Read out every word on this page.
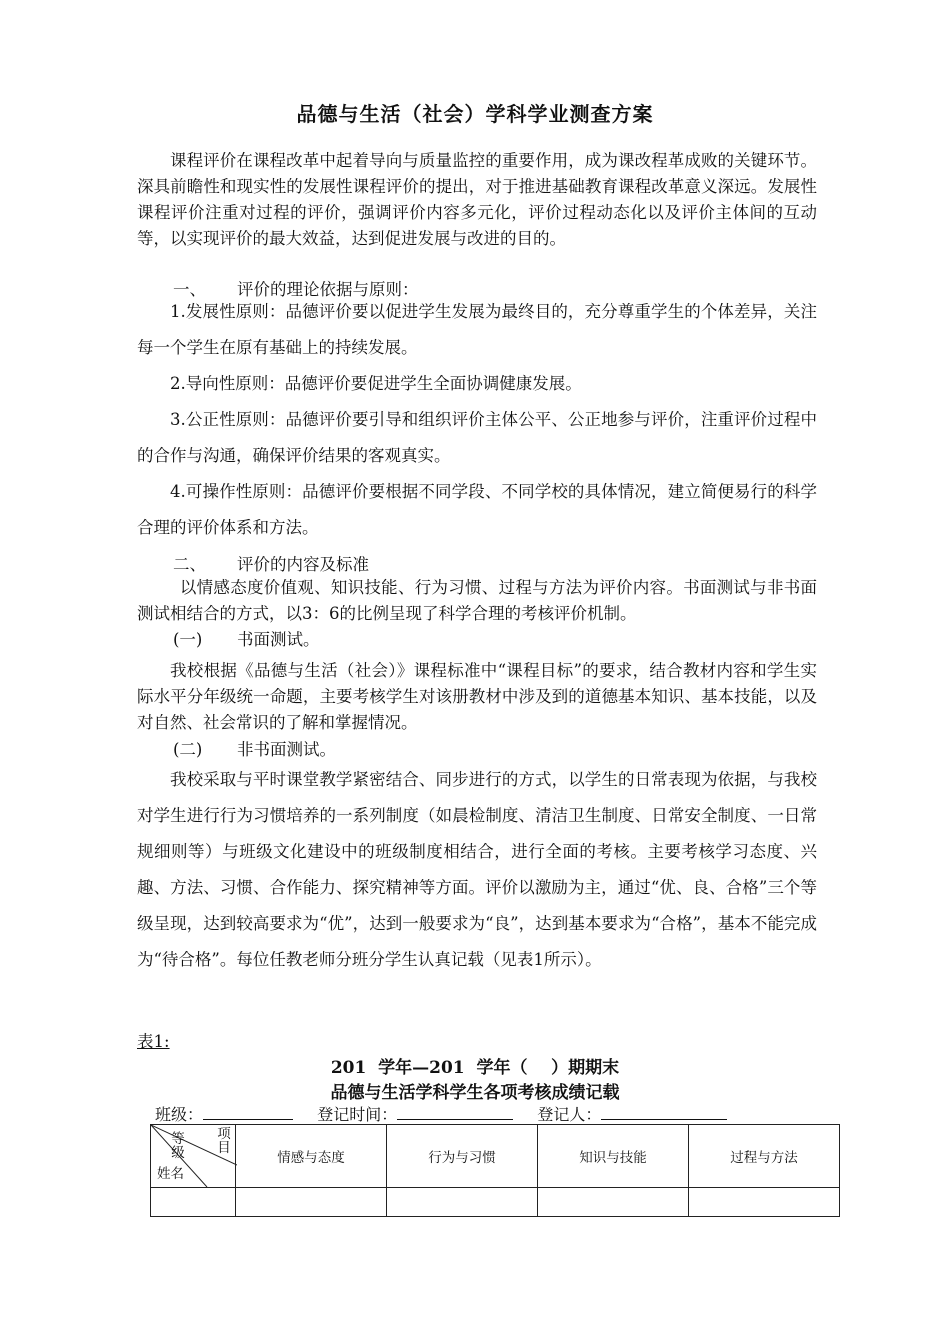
品德与生活（社会）学科学业测查方案

课程评价在课程改革中起着导向与质量监控的重要作用，成为课改程革成败的关键环节。深具前瞻性和现实性的发展性课程评价的提出，对于推进基础教育课程改革意义深远。发展性课程评价注重对过程的评价，强调评价内容多元化，评价过程动态化以及评价主体间的互动等，以实现评价的最大效益，达到促进发展与改进的目的。

一、 评价的理论依据与原则：

1.发展性原则：品德评价要以促进学生发展为最终目的，充分尊重学生的个体差异，关注每一个学生在原有基础上的持续发展。

2.导向性原则：品德评价要促进学生全面协调健康发展。

3.公正性原则：品德评价要引导和组织评价主体公平、公正地参与评价，注重评价过程中的合作与沟通，确保评价结果的客观真实。

4.可操作性原则：品德评价要根据不同学段、不同学校的具体情况，建立简便易行的科学合理的评价体系和方法。

二、 评价的内容及标准

以情感态度价值观、知识技能、行为习惯、过程与方法为评价内容。书面测试与非书面测试相结合的方式，以3：6的比例呈现了科学合理的考核评价机制。

(一) 书面测试。

我校根据《品德与生活（社会）》课程标准中“课程目标”的要求，结合教材内容和学生实际水平分年级统一命题，主要考核学生对该册教材中涉及到的道德基本知识、基本技能，以及对自然、社会常识的了解和掌握情况。

(二) 非书面测试。

我校采取与平时课堂教学紧密结合、同步进行的方式，以学生的日常表现为依据，与我校对学生进行行为习惯培养的一系列制度（如晨检制度、清洁卫生制度、日常安全制度、一日常规细则等）与班级文化建设中的班级制度相结合，进行全面的考核。主要考核学习态度、兴趣、方法、习惯、合作能力、探究精神等方面。评价以激励为主，通过“优、良、合格”三个等级呈现，达到较高要求为“优”，达到一般要求为“良”，达到基本要求为“合格”，基本不能完成为“待合格”。每位任教老师分班分学生认真记载（见表1所示）。

表1:
201  学年—201  学年（    ）期期末
品德与生活学科学生各项考核成绩记载
班级：	登记时间：	登记人：
项目
等级
姓名	情感与态度	行为与习惯	知识与技能	过程与方法
